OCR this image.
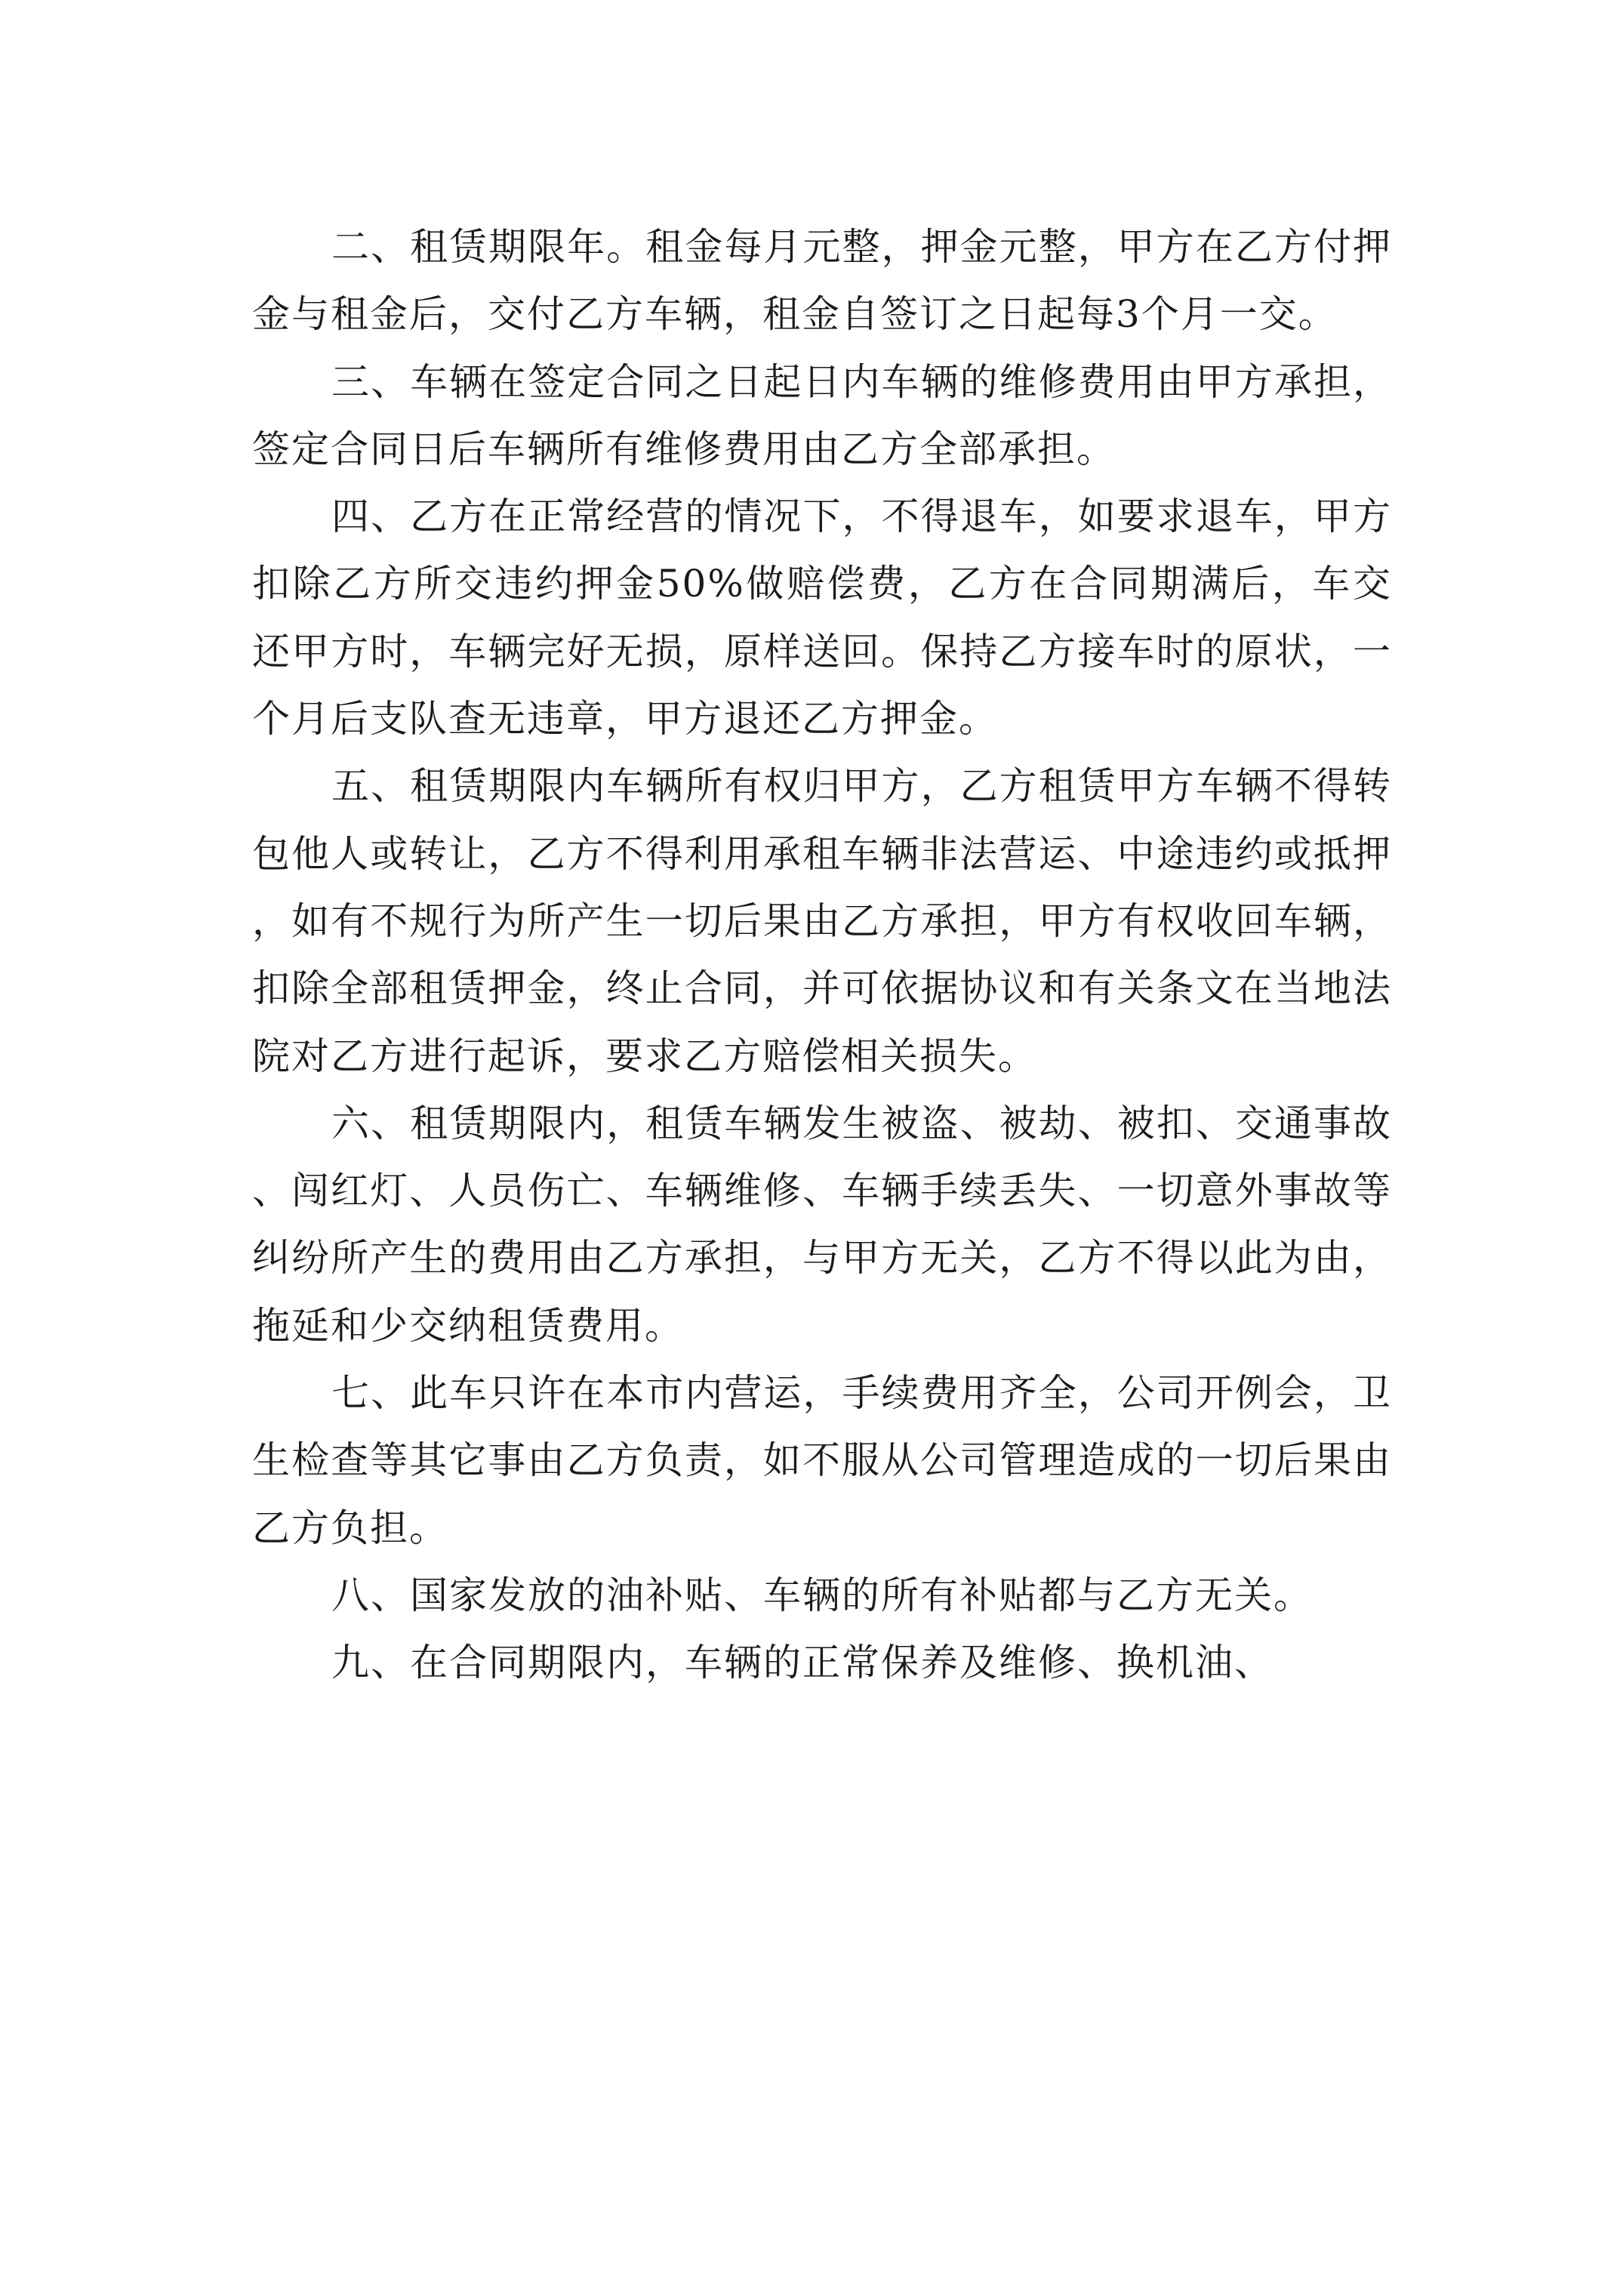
二、租赁期限年。租金每月元整，押金元整，甲方在乙方付押金与租金后，交付乙方车辆，租金自签订之日起每3个月一交。

三、车辆在签定合同之日起日内车辆的维修费用由甲方承担，签定合同日后车辆所有维修费用由乙方全部承担。

四、乙方在正常经营的情况下，不得退车，如要求退车，甲方扣除乙方所交违约押金50%做赔偿费，乙方在合同期满后，车交还甲方时，车辆完好无损，原样送回。保持乙方接车时的原状，一个月后支队查无违章，甲方退还乙方押金。

五、租赁期限内车辆所有权归甲方，乙方租赁甲方车辆不得转包他人或转让，乙方不得利用承租车辆非法营运、中途违约或抵押，如有不规行为所产生一切后果由乙方承担，甲方有权收回车辆，扣除全部租赁押金，终止合同，并可依据协议和有关条文在当地法院对乙方进行起诉，要求乙方赔偿相关损失。

六、租赁期限内，租赁车辆发生被盗、被劫、被扣、交通事故、闯红灯、人员伤亡、车辆维修、车辆手续丢失、一切意外事故等纠纷所产生的费用由乙方承担，与甲方无关，乙方不得以此为由，拖延和少交纳租赁费用。

七、此车只许在本市内营运，手续费用齐全，公司开例会，卫生检查等其它事由乙方负责，如不服从公司管理造成的一切后果由乙方负担。

八、国家发放的油补贴、车辆的所有补贴都与乙方无关。

九、在合同期限内，车辆的正常保养及维修、换机油、
